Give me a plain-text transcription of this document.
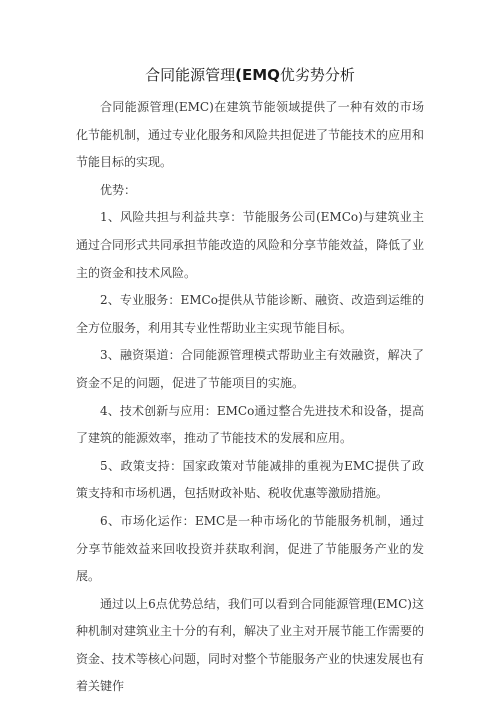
合同能源管理(EMQ优劣势分析

合同能源管理(EMC)在建筑节能领域提供了一种有效的市场化节能机制，通过专业化服务和风险共担促进了节能技术的应用和节能目标的实现。

优势：

1、风险共担与利益共享：节能服务公司(EMCo)与建筑业主通过合同形式共同承担节能改造的风险和分享节能效益，降低了业主的资金和技术风险。

2、专业服务：EMCo提供从节能诊断、融资、改造到运维的全方位服务，利用其专业性帮助业主实现节能目标。

3、融资渠道：合同能源管理模式帮助业主有效融资，解决了资金不足的问题，促进了节能项目的实施。

4、技术创新与应用：EMCo通过整合先进技术和设备，提高了建筑的能源效率，推动了节能技术的发展和应用。

5、政策支持：国家政策对节能减排的重视为EMC提供了政策支持和市场机遇，包括财政补贴、税收优惠等激励措施。

6、市场化运作：EMC是一种市场化的节能服务机制，通过分享节能效益来回收投资并获取利润，促进了节能服务产业的发展。

通过以上6点优势总结，我们可以看到合同能源管理(EMC)这种机制对建筑业主十分的有利，解决了业主对开展节能工作需要的资金、技术等核心问题，同时对整个节能服务产业的快速发展也有着关键作
